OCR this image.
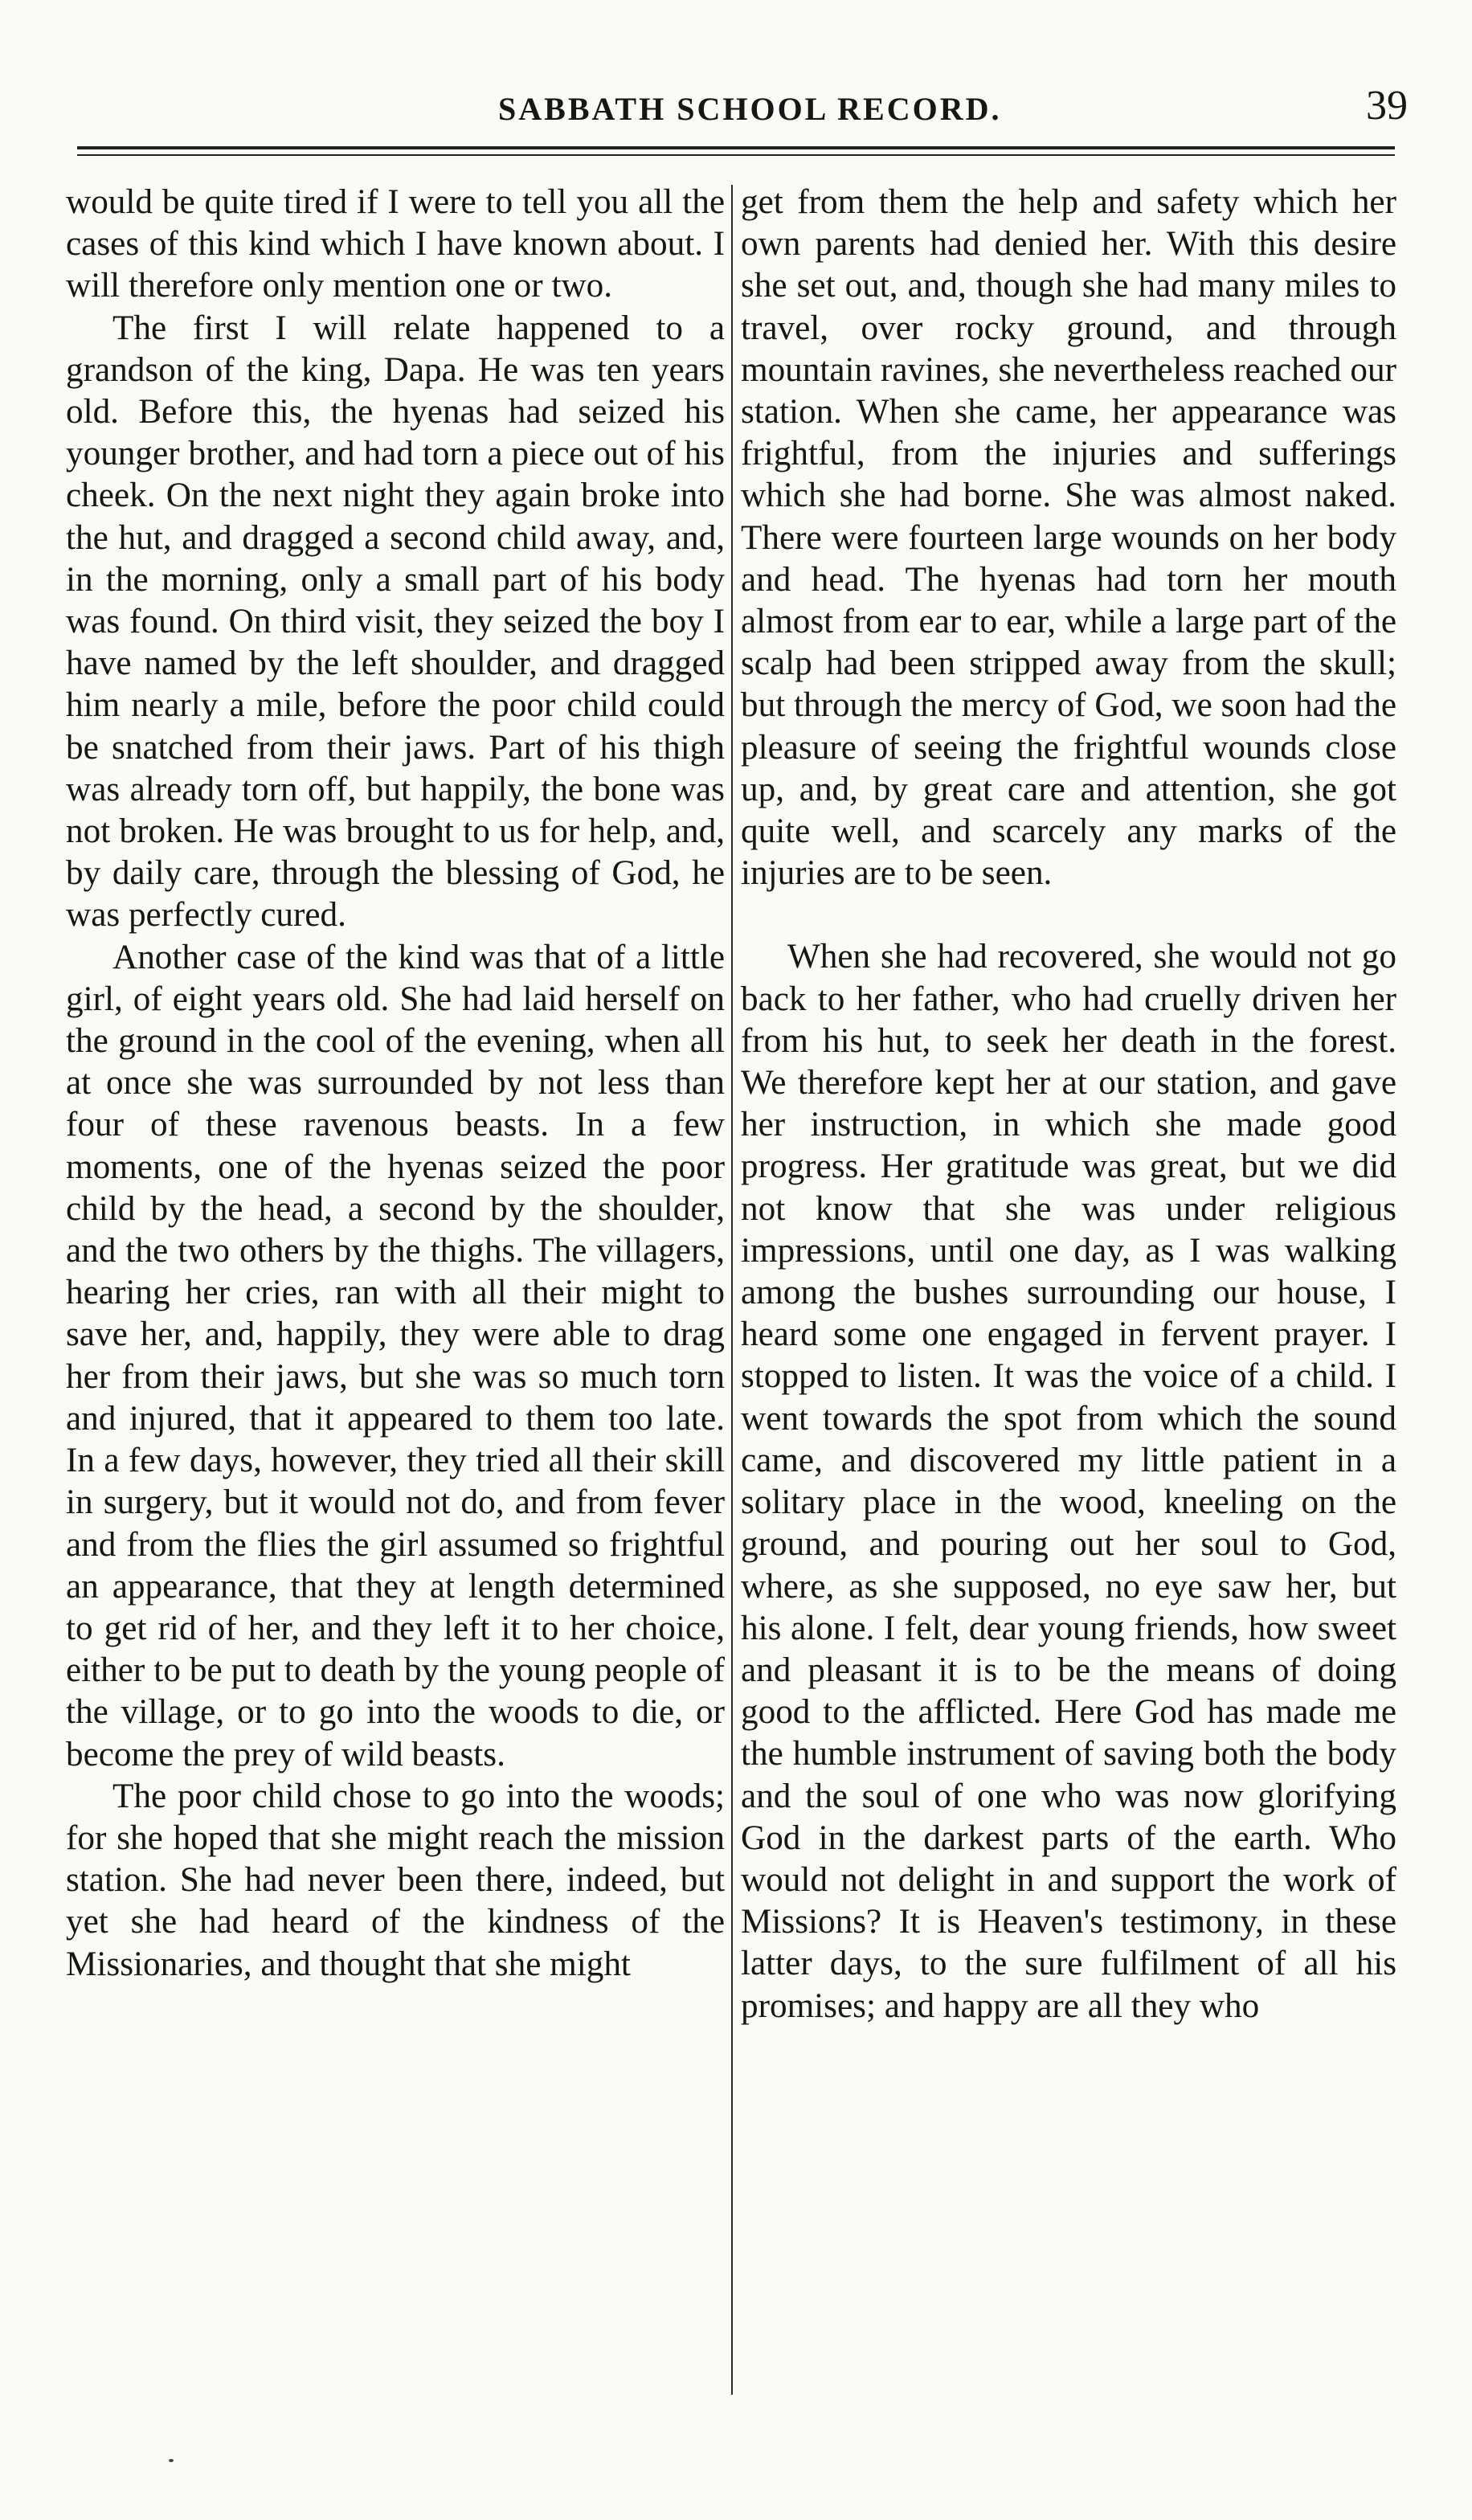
SABBATH SCHOOL RECORD.	39

would be quite tired if I were to tell you all the cases of this kind which I have known about. I will therefore only mention one or two.

The first I will relate happened to a grandson of the king, Dapa. He was ten years old. Before this, the hyenas had seized his younger brother, and had torn a piece out of his cheek. On the next night they again broke into the hut, and dragged a second child away, and, in the morning, only a small part of his body was found. On third visit, they seized the boy I have named by the left shoulder, and dragged him nearly a mile, before the poor child could be snatched from their jaws. Part of his thigh was already torn off, but happily, the bone was not broken. He was brought to us for help, and, by daily care, through the blessing of God, he was perfectly cured.

Another case of the kind was that of a little girl, of eight years old. She had laid herself on the ground in the cool of the evening, when all at once she was surrounded by not less than four of these ravenous beasts. In a few moments, one of the hyenas seized the poor child by the head, a second by the shoulder, and the two others by the thighs. The villagers, hearing her cries, ran with all their might to save her, and, happily, they were able to drag her from their jaws, but she was so much torn and injured, that it appeared to them too late. In a few days, however, they tried all their skill in surgery, but it would not do, and from fever and from the flies the girl assumed so frightful an appearance, that they at length determined to get rid of her, and they left it to her choice, either to be put to death by the young people of the village, or to go into the woods to die, or become the prey of wild beasts.

The poor child chose to go into the woods; for she hoped that she might reach the mission station. She had never been there, indeed, but yet she had heard of the kindness of the Missionaries, and thought that she might

get from them the help and safety which her own parents had denied her. With this desire she set out, and, though she had many miles to travel, over rocky ground, and through mountain ravines, she nevertheless reached our station. When she came, her appearance was frightful, from the injuries and sufferings which she had borne. She was almost naked. There were fourteen large wounds on her body and head. The hyenas had torn her mouth almost from ear to ear, while a large part of the scalp had been stripped away from the skull; but through the mercy of God, we soon had the pleasure of seeing the frightful wounds close up, and, by great care and attention, she got quite well, and scarcely any marks of the injuries are to be seen.

When she had recovered, she would not go back to her father, who had cruelly driven her from his hut, to seek her death in the forest. We therefore kept her at our station, and gave her instruction, in which she made good progress. Her gratitude was great, but we did not know that she was under religious impressions, until one day, as I was walking among the bushes surrounding our house, I heard some one engaged in fervent prayer. I stopped to listen. It was the voice of a child. I went towards the spot from which the sound came, and discovered my little patient in a solitary place in the wood, kneeling on the ground, and pouring out her soul to God, where, as she supposed, no eye saw her, but his alone. I felt, dear young friends, how sweet and pleasant it is to be the means of doing good to the afflicted. Here God has made me the humble instrument of saving both the body and the soul of one who was now glorifying God in the darkest parts of the earth. Who would not delight in and support the work of Missions? It is Heaven's testimony, in these latter days, to the sure fulfilment of all his promises; and happy are all they who
